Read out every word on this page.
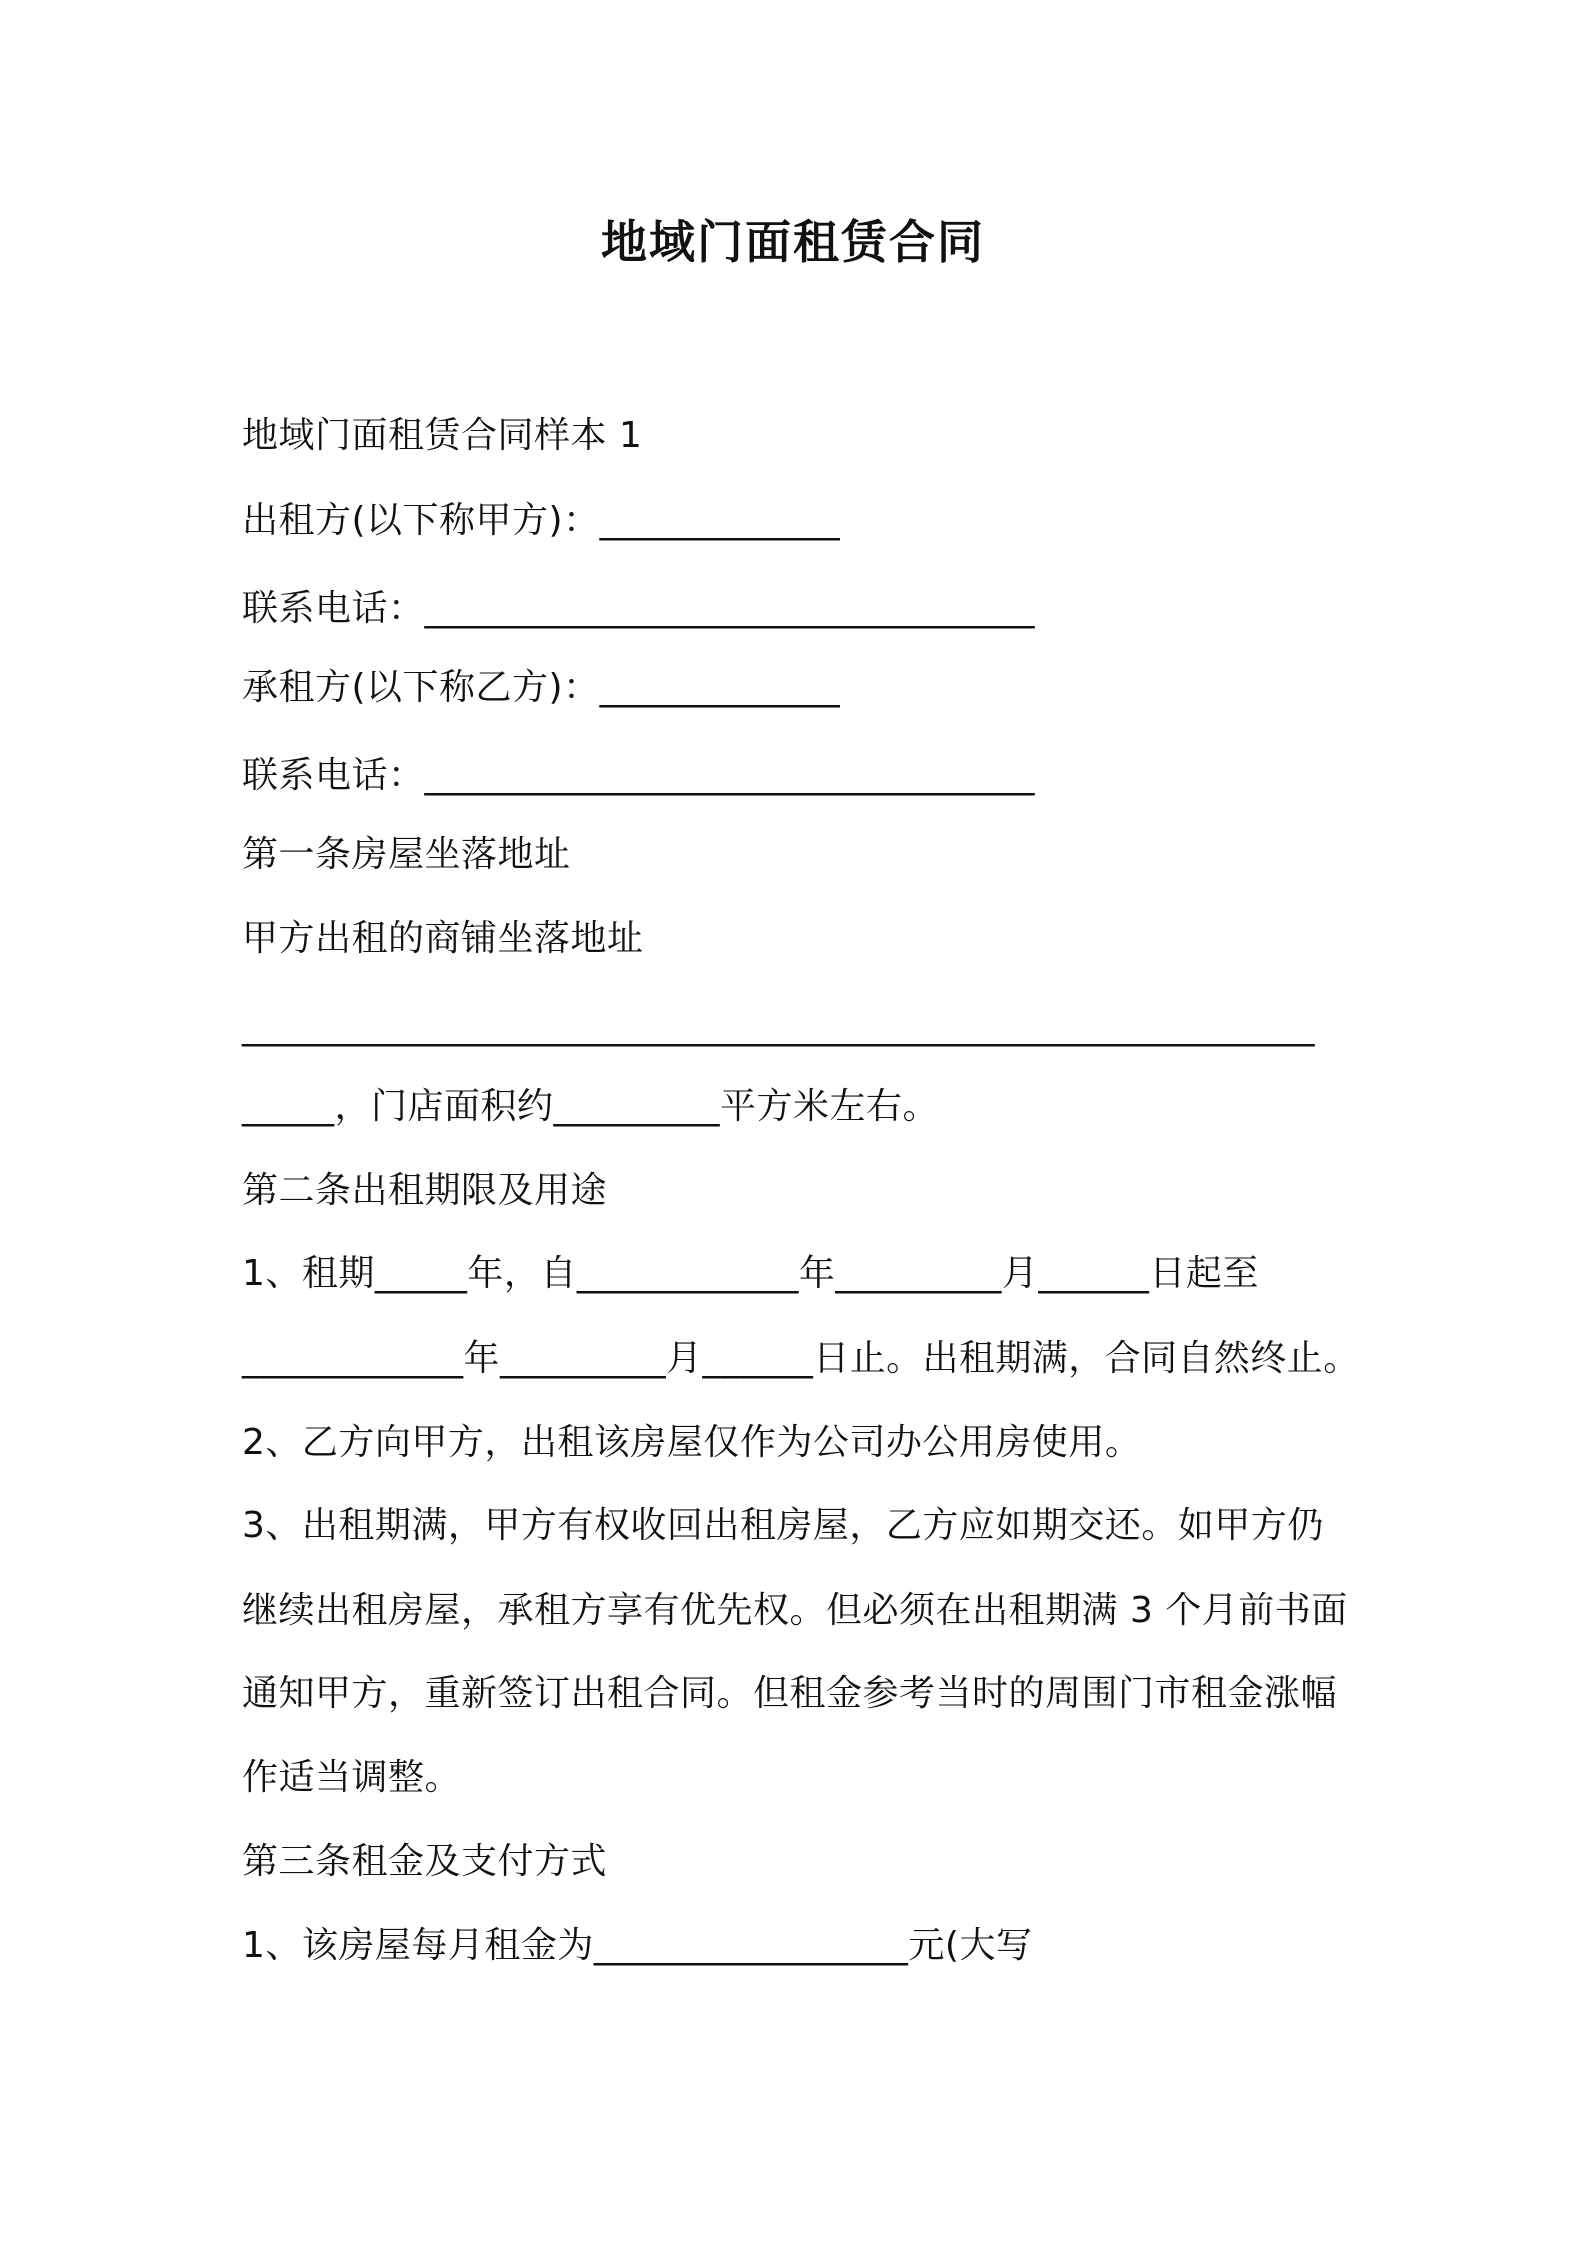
地域门面租赁合同
地域门面租赁合同样本 1
出租方(以下称甲方)：_____________
联系电话：_________________________________
承租方(以下称乙方)：_____________
联系电话：_________________________________
第一条房屋坐落地址
甲方出租的商铺坐落地址
__________________________________________________________
_____，门店面积约_________平方米左右。
第二条出租期限及用途
1、租期_____年，自____________年_________月______日起至
____________年_________月______日止。出租期满，合同自然终止。
2、乙方向甲方，出租该房屋仅作为公司办公用房使用。
3、出租期满，甲方有权收回出租房屋，乙方应如期交还。如甲方仍
继续出租房屋，承租方享有优先权。但必须在出租期满 3 个月前书面
通知甲方，重新签订出租合同。但租金参考当时的周围门市租金涨幅
作适当调整。
第三条租金及支付方式
1、该房屋每月租金为_________________元(大写
